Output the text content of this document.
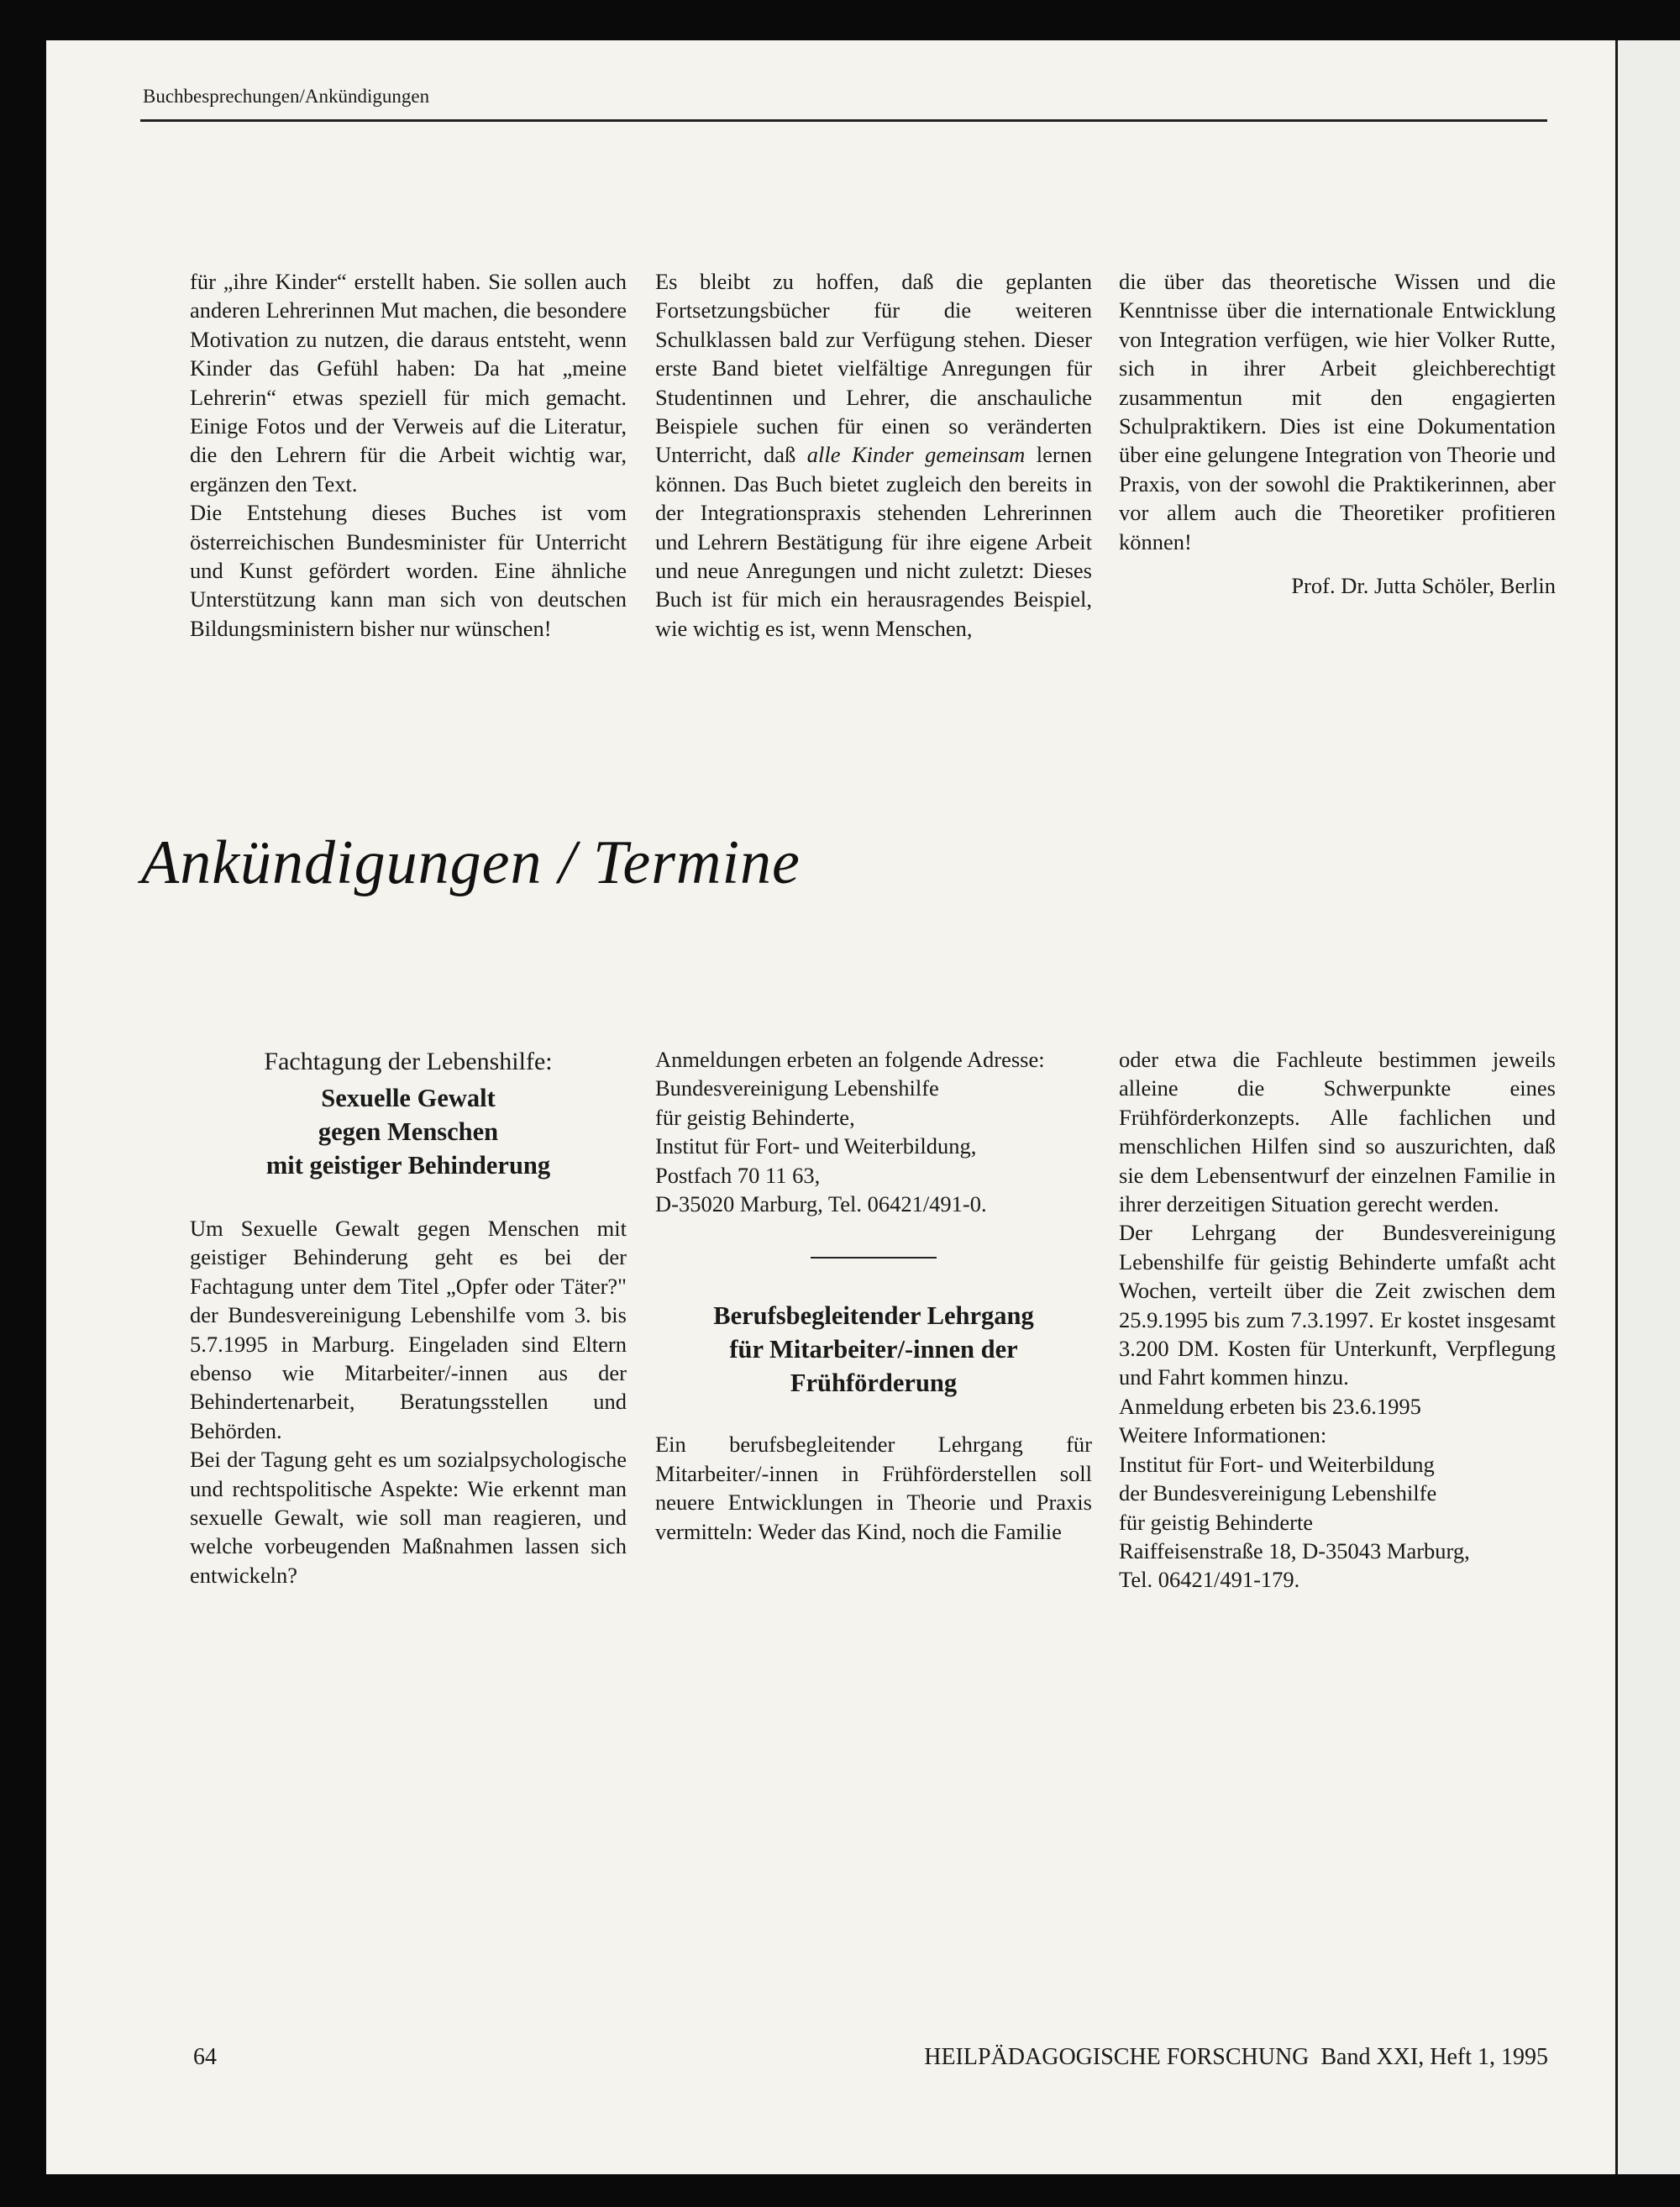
Buchbesprechungen/Ankündigungen

für „ihre Kinder“ erstellt haben. Sie sollen auch anderen Lehrerinnen Mut machen, die besondere Motivation zu nutzen, die daraus entsteht, wenn Kinder das Gefühl haben: Da hat „meine Lehrerin“ etwas speziell für mich gemacht. Einige Fotos und der Verweis auf die Literatur, die den Lehrern für die Arbeit wichtig war, ergänzen den Text.

Die Entstehung dieses Buches ist vom österreichischen Bundesminister für Unterricht und Kunst gefördert worden. Eine ähnliche Unterstützung kann man sich von deutschen Bildungsministern bisher nur wünschen!

Es bleibt zu hoffen, daß die geplanten Fortsetzungsbücher für die weiteren Schulklassen bald zur Verfügung stehen. Dieser erste Band bietet vielfältige Anregungen für Studentinnen und Lehrer, die anschauliche Beispiele suchen für einen so veränderten Unterricht, daß alle Kinder gemeinsam lernen können. Das Buch bietet zugleich den bereits in der Integrationspraxis stehenden Lehrerinnen und Lehrern Bestätigung für ihre eigene Arbeit und neue Anregungen und nicht zuletzt: Dieses Buch ist für mich ein herausragendes Beispiel, wie wichtig es ist, wenn Menschen,

die über das theoretische Wissen und die Kenntnisse über die internationale Entwicklung von Integration verfügen, wie hier Volker Rutte, sich in ihrer Arbeit gleichberechtigt zusammentun mit den engagierten Schulpraktikern. Dies ist eine Dokumentation über eine gelungene Integration von Theorie und Praxis, von der sowohl die Praktikerinnen, aber vor allem auch die Theoretiker profitieren können!

Prof. Dr. Jutta Schöler, Berlin

Ankündigungen / Termine
Fachtagung der Lebenshilfe:
Sexuelle Gewalt
gegen Menschen
mit geistiger Behinderung

Um Sexuelle Gewalt gegen Menschen mit geistiger Behinderung geht es bei der Fachtagung unter dem Titel „Opfer oder Täter?" der Bundesvereinigung Lebenshilfe vom 3. bis 5.7.1995 in Marburg. Eingeladen sind Eltern ebenso wie Mitarbeiter/-innen aus der Behindertenarbeit, Beratungsstellen und Behörden.

Bei der Tagung geht es um sozialpsychologische und rechtspolitische Aspekte: Wie erkennt man sexuelle Gewalt, wie soll man reagieren, und welche vorbeugenden Maßnahmen lassen sich entwickeln?

Anmeldungen erbeten an folgende Adresse:

Bundesvereinigung Lebenshilfe

für geistig Behinderte,

Institut für Fort- und Weiterbildung,

Postfach 70 11 63,

D-35020 Marburg, Tel. 06421/491-0.

Berufsbegleitender Lehrgang
für Mitarbeiter/-innen der
Frühförderung

Ein berufsbegleitender Lehrgang für Mitarbeiter/-innen in Frühförderstellen soll neuere Entwicklungen in Theorie und Praxis vermitteln: Weder das Kind, noch die Familie

oder etwa die Fachleute bestimmen jeweils alleine die Schwerpunkte eines Frühförderkonzepts. Alle fachlichen und menschlichen Hilfen sind so auszurichten, daß sie dem Lebensentwurf der einzelnen Familie in ihrer derzeitigen Situation gerecht werden.

Der Lehrgang der Bundesvereinigung Lebenshilfe für geistig Behinderte umfaßt acht Wochen, verteilt über die Zeit zwischen dem 25.9.1995 bis zum 7.3.1997. Er kostet insgesamt 3.200 DM. Kosten für Unterkunft, Verpflegung und Fahrt kommen hinzu.

Anmeldung erbeten bis 23.6.1995

Weitere Informationen:

Institut für Fort- und Weiterbildung

der Bundesvereinigung Lebenshilfe

für geistig Behinderte

Raiffeisenstraße 18, D-35043 Marburg,

Tel. 06421/491-179.

64	HEILPÄDAGOGISCHE FORSCHUNG  Band XXI, Heft 1, 1995
